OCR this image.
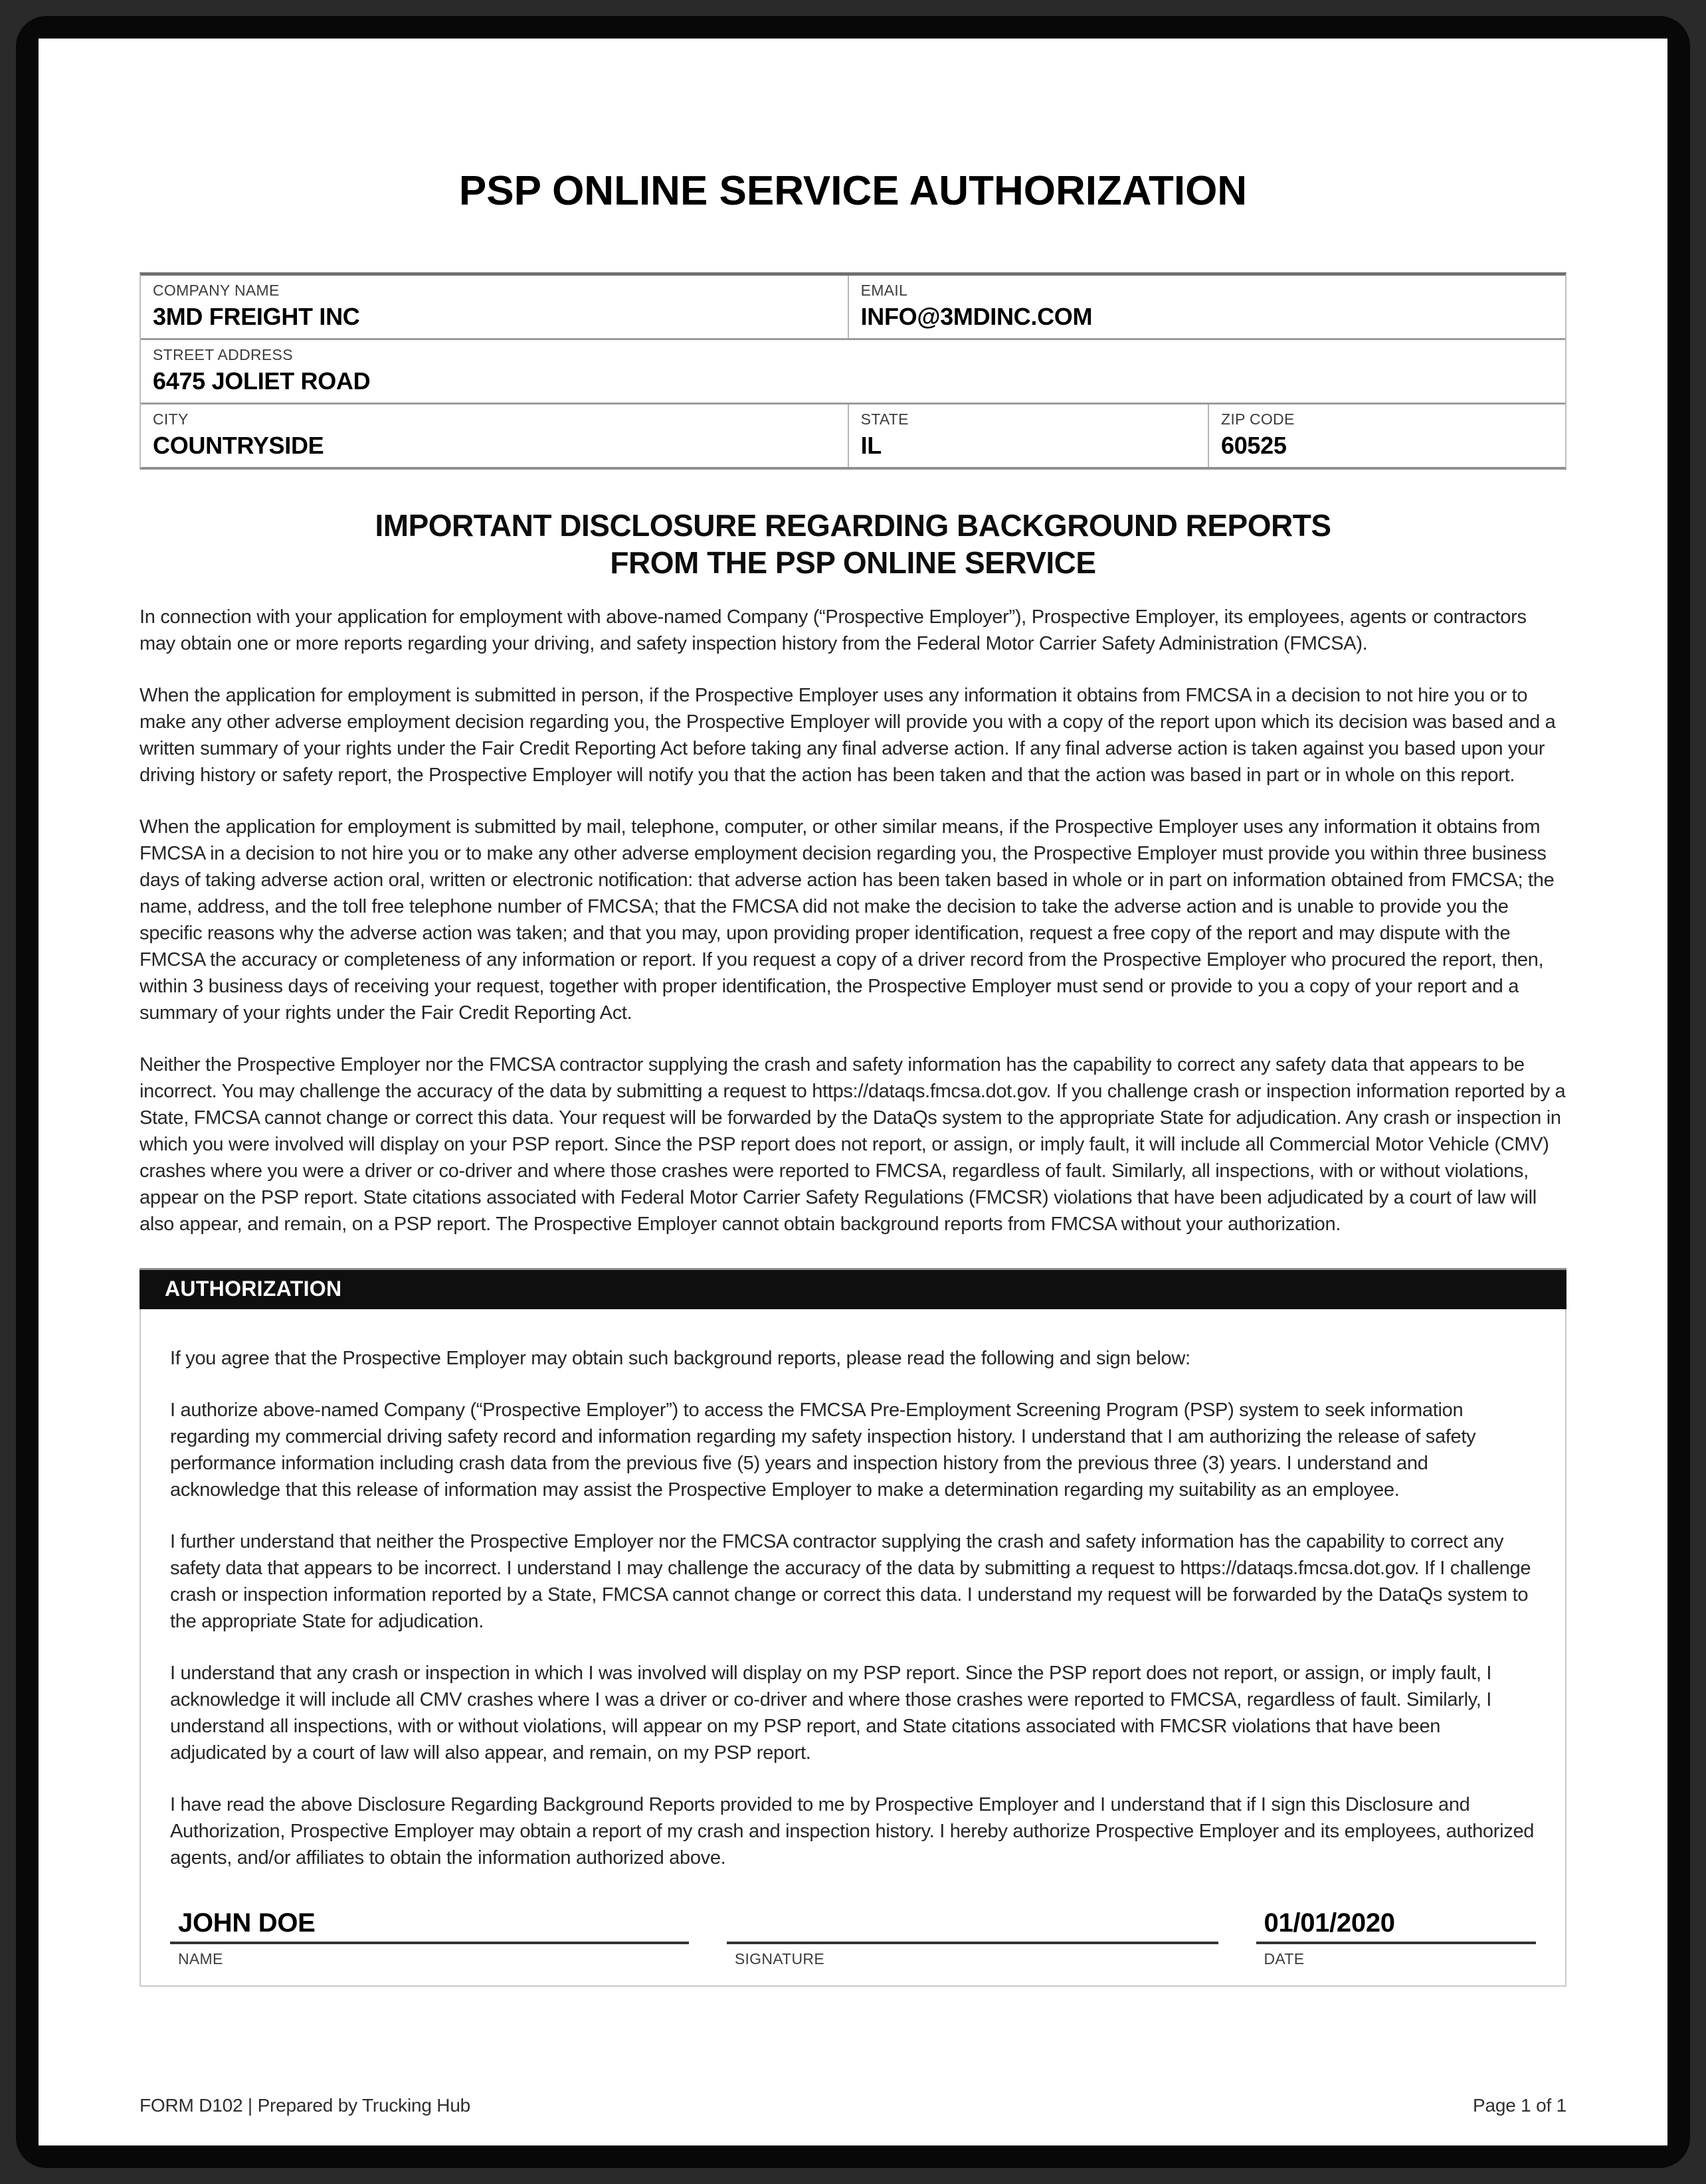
PSP ONLINE SERVICE AUTHORIZATION
COMPANY NAME
3MD FREIGHT INC
EMAIL
INFO@3MDINC.COM
STREET ADDRESS
6475 JOLIET ROAD
CITY
COUNTRYSIDE
STATE
IL
ZIP CODE
60525
IMPORTANT DISCLOSURE REGARDING BACKGROUND REPORTS
FROM THE PSP ONLINE SERVICE

In connection with your application for employment with above-named Company (“Prospective Employer”), Prospective Employer, its employees, agents or contractors may obtain one or more reports regarding your driving, and safety inspection history from the Federal Motor Carrier Safety Administration (FMCSA).

When the application for employment is submitted in person, if the Prospective Employer uses any information it obtains from FMCSA in a decision to not hire you or to make any other adverse employment decision regarding you, the Prospective Employer will provide you with a copy of the report upon which its decision was based and a written summary of your rights under the Fair Credit Reporting Act before taking any final adverse action. If any final adverse action is taken against you based upon your driving history or safety report, the Prospective Employer will notify you that the action has been taken and that the action was based in part or in whole on this report.

When the application for employment is submitted by mail, telephone, computer, or other similar means, if the Prospective Employer uses any information it obtains from FMCSA in a decision to not hire you or to make any other adverse employment decision regarding you, the Prospective Employer must provide you within three business days of taking adverse action oral, written or electronic notification: that adverse action has been taken based in whole or in part on information obtained from FMCSA; the name, address, and the toll free telephone number of FMCSA; that the FMCSA did not make the decision to take the adverse action and is unable to provide you the specific reasons why the adverse action was taken; and that you may, upon providing proper identification, request a free copy of the report and may dispute with the FMCSA the accuracy or completeness of any information or report. If you request a copy of a driver record from the Prospective Employer who procured the report, then, within 3 business days of receiving your request, together with proper identification, the Prospective Employer must send or provide to you a copy of your report and a summary of your rights under the Fair Credit Reporting Act.

Neither the Prospective Employer nor the FMCSA contractor supplying the crash and safety information has the capability to correct any safety data that appears to be incorrect. You may challenge the accuracy of the data by submitting a request to https://dataqs.fmcsa.dot.gov. If you challenge crash or inspection information reported by a State, FMCSA cannot change or correct this data. Your request will be forwarded by the DataQs system to the appropriate State for adjudication. Any crash or inspection in which you were involved will display on your PSP report. Since the PSP report does not report, or assign, or imply fault, it will include all Commercial Motor Vehicle (CMV) crashes where you were a driver or co-driver and where those crashes were reported to FMCSA, regardless of fault. Similarly, all inspections, with or without violations, appear on the PSP report. State citations associated with Federal Motor Carrier Safety Regulations (FMCSR) violations that have been adjudicated by a court of law will also appear, and remain, on a PSP report. The Prospective Employer cannot obtain background reports from FMCSA without your authorization.

AUTHORIZATION

If you agree that the Prospective Employer may obtain such background reports, please read the following and sign below:

I authorize above-named Company (“Prospective Employer”) to access the FMCSA Pre-Employment Screening Program (PSP) system to seek information regarding my commercial driving safety record and information regarding my safety inspection history. I understand that I am authorizing the release of safety performance information including crash data from the previous five (5) years and inspection history from the previous three (3) years. I understand and acknowledge that this release of information may assist the Prospective Employer to make a determination regarding my suitability as an employee.

I further understand that neither the Prospective Employer nor the FMCSA contractor supplying the crash and safety information has the capability to correct any safety data that appears to be incorrect. I understand I may challenge the accuracy of the data by submitting a request to https://dataqs.fmcsa.dot.gov. If I challenge crash or inspection information reported by a State, FMCSA cannot change or correct this data. I understand my request will be forwarded by the DataQs system to the appropriate State for adjudication.

I understand that any crash or inspection in which I was involved will display on my PSP report. Since the PSP report does not report, or assign, or imply fault, I acknowledge it will include all CMV crashes where I was a driver or co-driver and where those crashes were reported to FMCSA, regardless of fault. Similarly, I understand all inspections, with or without violations, will appear on my PSP report, and State citations associated with FMCSR violations that have been adjudicated by a court of law will also appear, and remain, on my PSP report.

I have read the above Disclosure Regarding Background Reports provided to me by Prospective Employer and I understand that if I sign this Disclosure and Authorization, Prospective Employer may obtain a report of my crash and inspection history. I hereby authorize Prospective Employer and its employees, authorized agents, and/or affiliates to obtain the information authorized above.

JOHN DOE
NAME	SIGNATURE
01/01/2020
DATE
FORM D102 | Prepared by Trucking Hub	Page 1 of 1
